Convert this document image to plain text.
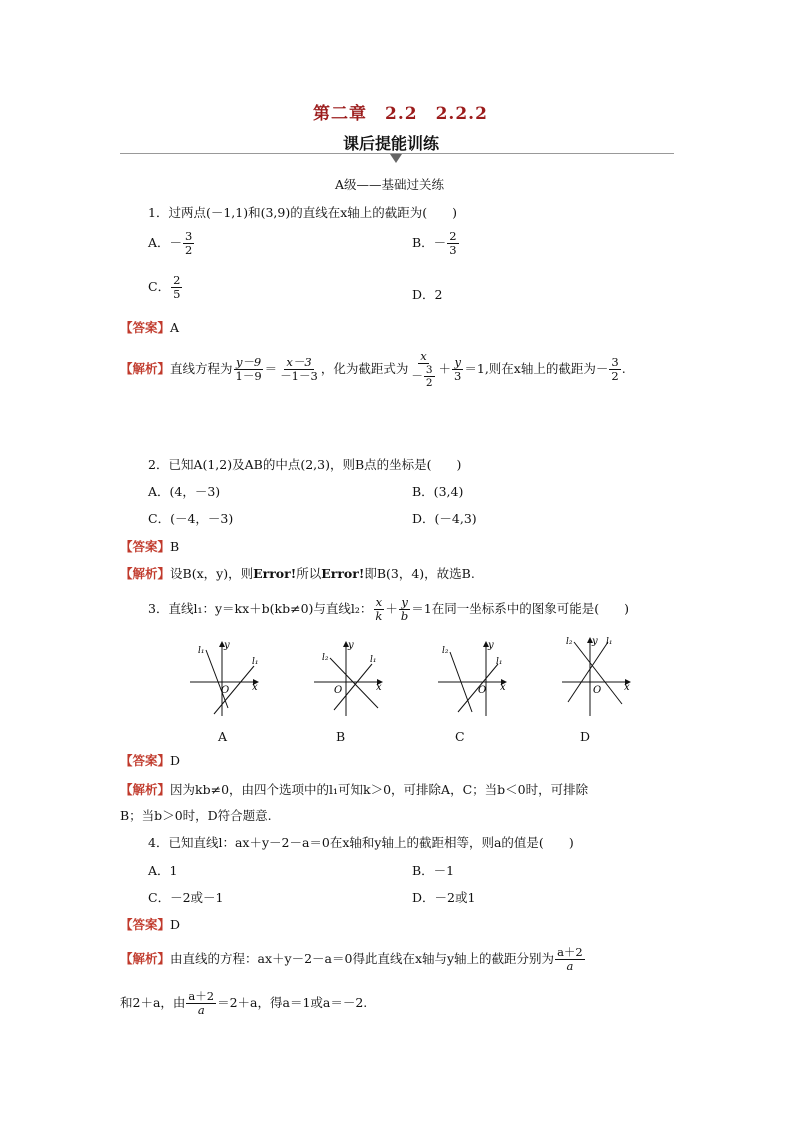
第二章　2.2　2.2.2
课后提能训练
A级——基础过关练
1．过两点(－1,1)和(3,9)的直线在x轴上的截距为(　　)
A．－ $\frac{3}{2}$	B．－ $\frac{2}{3}$
C． $\frac{2}{5}$	D．2
【答案】A
【解析】直线方程为 $\frac{y-9}{1-9} = \frac{x-3}{-1-3}$ ，化为截距式为 $\frac{x}{- \frac{3}{2}} + \frac{y}{3} =1$,则在x轴上的截距为－ $\frac{3}{2}$ .
2．已知A(1,2)及AB的中点(2,3)，则B点的坐标是(　　)
A．(4，－3)	B．(3,4)
C．(－4，－3)	D．(－4,3)
【答案】B
【解析】设B(x，y)，则Error!所以Error!即B(3，4)，故选B.
3．直线l₁：y＝kx＋b(kb≠0)与直线l₂： $\frac{x}{k} + \frac{y}{b} =1$在同一坐标系中的图象可能是(　　)
y
x
O
l₁
l₁
A
y
x
O
l₂	l₁
B
y
x
O
l₂
l₁
C
y
x
O
l₂	l₁
D
【答案】D
【解析】因为kb≠0，由四个选项中的l₁可知k＞0，可排除A，C；当b＜0时，可排除
B；当b＞0时，D符合题意.
4．已知直线l：ax＋y－2－a＝0在x轴和y轴上的截距相等，则a的值是(　　)
A．1	B．－1
C．－2或－1	D．－2或1
【答案】D
【解析】由直线的方程：ax＋y－2－a＝0得此直线在x轴与y轴上的截距分别为 $\frac{a+2}{a}$
和2＋a，由 $\frac{a+2}{a} =2+a$，得a＝1或a＝－2.
